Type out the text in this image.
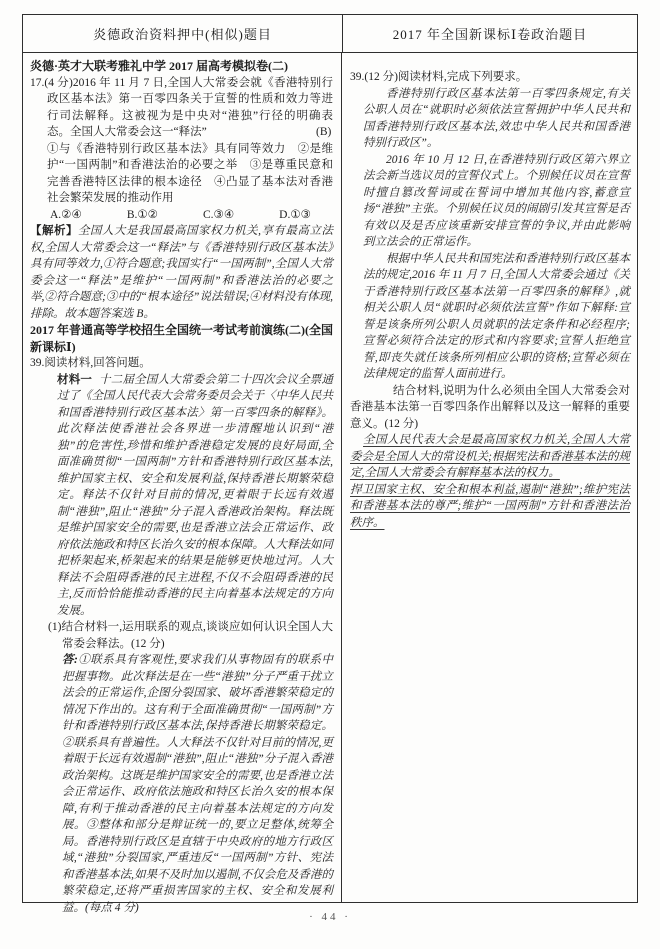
炎德政治资料押中(相似)题目	2017 年全国新课标Ⅰ卷政治题目

炎德·英才大联考雅礼中学 2017 届高考模拟卷(二)

17.(4 分)2016 年 11 月 7 日,全国人大常委会就《香港特别行政区基本法》第一百零四条关于宣誓的性质和效力等进行司法解释。这被视为是中央对“港独”行径的明确表态。全国人大常委会这一“释法”	(B)

①与《香港特别行政区基本法》具有同等效力　②是维护“一国两制”和香港法治的必要之举　③是尊重民意和完善香港特区法律的根本途径　④凸显了基本法对香港社会繁荣发展的推动作用

A.②④	B.①②	C.③④	D.①③

【解析】全国人大是我国最高国家权力机关,享有最高立法权,全国人大常委会这一“释法”与《香港特别行政区基本法》具有同等效力,①符合题意;我国实行“一国两制”,全国人大常委会这一“释法”是维护“一国两制”和香港法治的必要之举,②符合题意;③中的“根本途径”说法错误;④材料没有体现,排除。故本题答案选 B。

2017 年普通高等学校招生全国统一考试考前演练(二)(全国新课标Ⅰ)

39.阅读材料,回答问题。

材料一 十二届全国人大常委会第二十四次会议全票通过了《全国人民代表大会常务委员会关于〈中华人民共和国香港特别行政区基本法〉第一百零四条的解释》。此次释法使香港社会各界进一步清醒地认识到“港独”的危害性,珍惜和维护香港稳定发展的良好局面,全面准确贯彻“一国两制”方针和香港特别行政区基本法,维护国家主权、安全和发展利益,保持香港长期繁荣稳定。释法不仅针对目前的情况,更着眼于长远有效遏制“港独”,阻止“港独”分子混入香港政治架构。释法既是维护国家安全的需要,也是香港立法会正常运作、政府依法施政和特区长治久安的根本保障。人大释法如同把桥架起来,桥架起来的结果是能够更快地过河。人大释法不会阻碍香港的民主进程,不仅不会阻碍香港的民主,反而恰恰能推动香港的民主向着基本法规定的方向发展。

(1)结合材料一,运用联系的观点,谈谈应如何认识全国人大常委会释法。(12 分)

答:①联系具有客观性,要求我们从事物固有的联系中把握事物。此次释法是在一些“港独”分子严重干扰立法会的正常运作,企图分裂国家、破坏香港繁荣稳定的情况下作出的。这有利于全面准确贯彻“一国两制”方针和香港特别行政区基本法,保持香港长期繁荣稳定。②联系具有普遍性。人大释法不仅针对目前的情况,更着眼于长远有效遏制“港独”,阻止“港独”分子混入香港政治架构。这既是维护国家安全的需要,也是香港立法会正常运作、政府依法施政和特区长治久安的根本保障,有利于推动香港的民主向着基本法规定的方向发展。③整体和部分是辩证统一的,要立足整体,统筹全局。香港特别行政区是直辖于中央政府的地方行政区域,“港独”分裂国家,严重违反“一国两制”方针、宪法和香港基本法,如果不及时加以遏制,不仅会危及香港的繁荣稳定,还将严重损害国家的主权、安全和发展利益。(每点 4 分)

39.(12 分)阅读材料,完成下列要求。

香港特别行政区基本法第一百零四条规定,有关公职人员在“就职时必须依法宣誓拥护中华人民共和国香港特别行政区基本法,效忠中华人民共和国香港特别行政区”。

2016 年 10 月 12 日,在香港特别行政区第六界立法会新当选议员的宣誓仪式上。个别候任议员在宣誓时擅自篡改誓词或在誓词中增加其他内容,蓄意宣扬“港独”主张。个别候任议员的闹剧引发其宣誓是否有效以及是否应该重新安排宣誓的争议,并由此影响到立法会的正常运作。

根据中华人民共和国宪法和香港特别行政区基本法的规定,2016 年 11 月 7 日,全国人大常委会通过《关于香港特别行政区基本法第一百零四条的解释》,就相关公职人员“就职时必须依法宣誓”作如下解释:宣誓是该条所列公职人员就职的法定条件和必经程序;宣誓必须符合法定的形式和内容要求;宣誓人拒绝宣誓,即丧失就任该条所列相应公职的资格;宣誓必须在法律规定的监誓人面前进行。

结合材料,说明为什么必须由全国人大常委会对香港基本法第一百零四条作出解释以及这一解释的重要意义。(12 分)

全国人民代表大会是最高国家权力机关,全国人大常委会是全国人大的常设机关;根据宪法和香港基本法的规定,全国人大常委会有解释基本法的权力。

捍卫国家主权、安全和根本利益,遏制“港独”;维护宪法和香港基本法的尊严;维护“一国两制”方针和香港法治秩序。

· 44 ·
